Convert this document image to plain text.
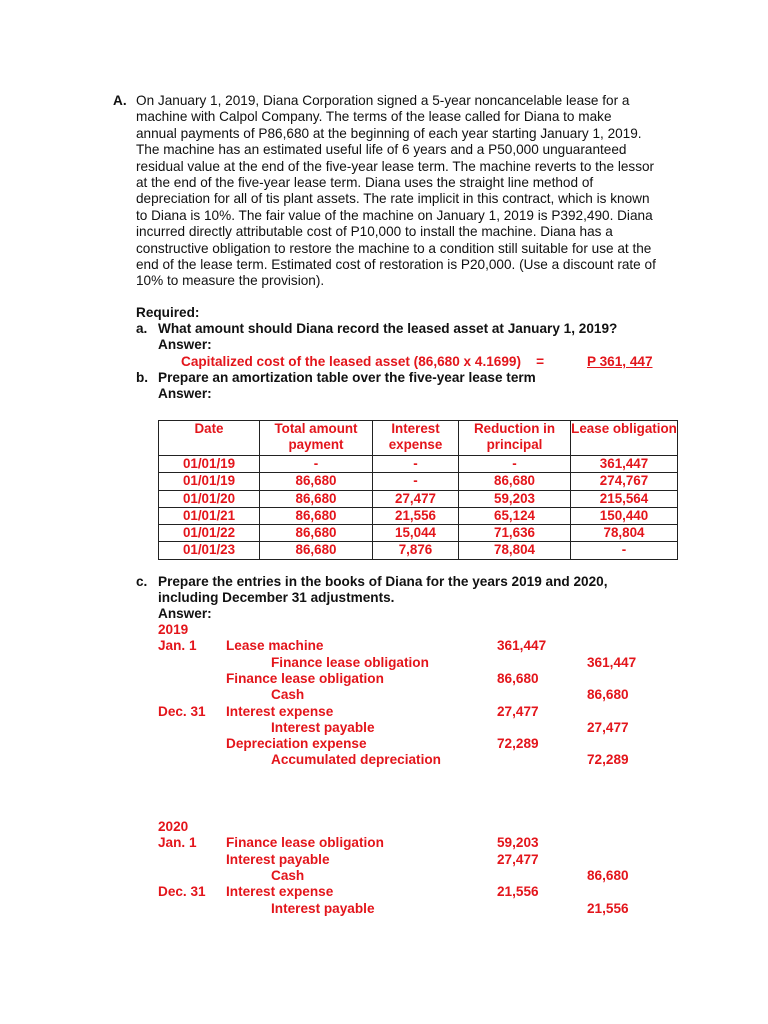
A. On January 1, 2019, Diana Corporation signed a 5-year noncancelable lease for a machine with Calpol Company. The terms of the lease called for Diana to make annual payments of P86,680 at the beginning of each year starting January 1, 2019. The machine has an estimated useful life of 6 years and a P50,000 unguaranteed residual value at the end of the five-year lease term. The machine reverts to the lessor at the end of the five-year lease term. Diana uses the straight line method of depreciation for all of tis plant assets. The rate implicit in this contract, which is known to Diana is 10%. The fair value of the machine on January 1, 2019 is P392,490. Diana incurred directly attributable cost of P10,000 to install the machine. Diana has a constructive obligation to restore the machine to a condition still suitable for use at the end of the lease term. Estimated cost of restoration is P20,000. (Use a discount rate of 10% to measure the provision).
Required:
a. What amount should Diana record the leased asset at January 1, 2019?
Answer:
Capitalized cost of the leased asset (86,680 x 4.1699)    =	P 361, 447
b. Prepare an amortization table over the five-year lease term
Answer:
Date	Total amount payment	Interest expense	Reduction in principal	Lease obligation
01/01/19	-	-	-	361,447
01/01/19	86,680	-	86,680	274,767
01/01/20	86,680	27,477	59,203	215,564
01/01/21	86,680	21,556	65,124	150,440
01/01/22	86,680	15,044	71,636	78,804
01/01/23	86,680	7,876	78,804	-
c. Prepare the entries in the books of Diana for the years 2019 and 2020,
including December 31 adjustments.
Answer:
2019
Jan. 1 Lease machine	361,447
Finance lease obligation	361,447
Finance lease obligation	86,680
Cash	86,680
Dec. 31 Interest expense	27,477
Interest payable	27,477
Depreciation expense	72,289
Accumulated depreciation	72,289
2020
Jan. 1 Finance lease obligation	59,203
Interest payable	27,477
Cash	86,680
Dec. 31 Interest expense	21,556
Interest payable	21,556
